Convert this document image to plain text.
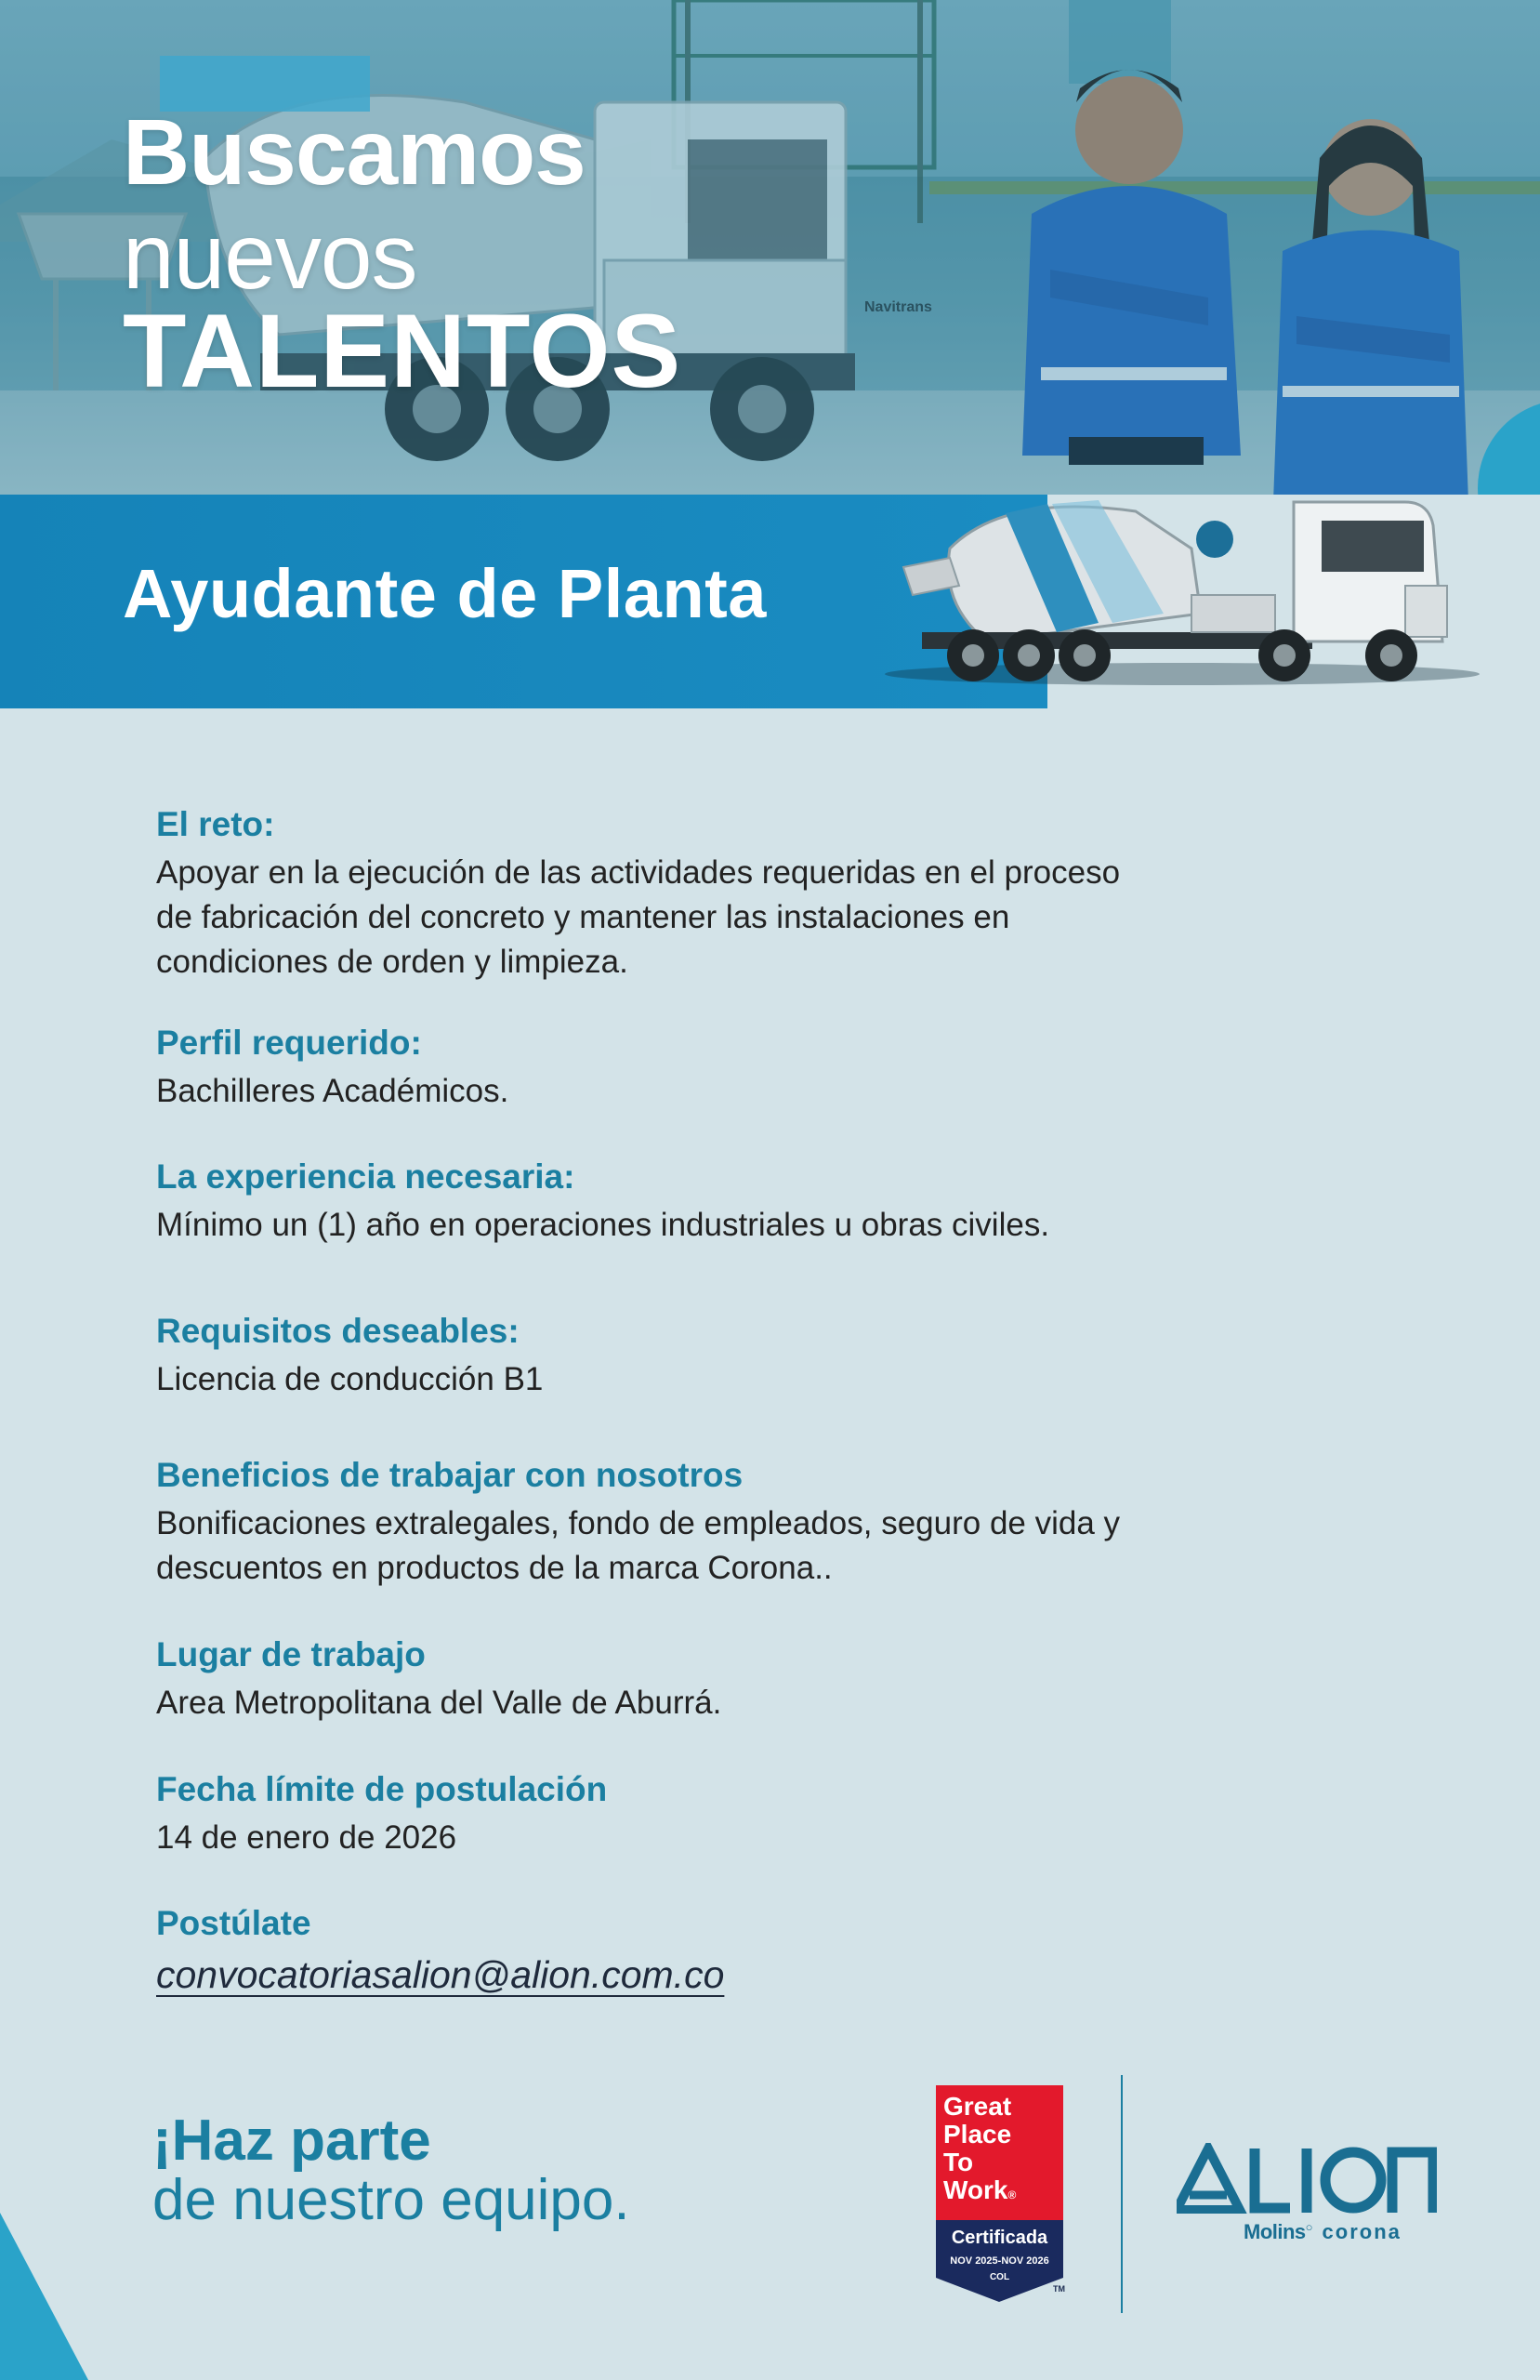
Navitrans
Buscamos
nuevos
TALENTOS
Ayudante de Planta
El reto:
Apoyar en la ejecución de las actividades requeridas en el proceso
de fabricación del concreto y mantener las instalaciones en
condiciones de orden y limpieza.
Perfil requerido:
Bachilleres Académicos.
La experiencia necesaria:
Mínimo un (1) año en operaciones industriales u obras civiles.
Requisitos deseables:
Licencia de conducción B1
Beneficios de trabajar con nosotros
Bonificaciones extralegales, fondo de empleados, seguro de vida y
descuentos en productos de la marca Corona..
Lugar de trabajo
Area Metropolitana del Valle de Aburrá.
Fecha límite de postulación
14 de enero de 2026
Postúlate
convocatoriasalion@alion.com.co
¡Haz parte
de nuestro equipo.
Great
Place
To
Work®
Certificada
NOV 2025-NOV 2026
COL
TM
Molins○ corona
